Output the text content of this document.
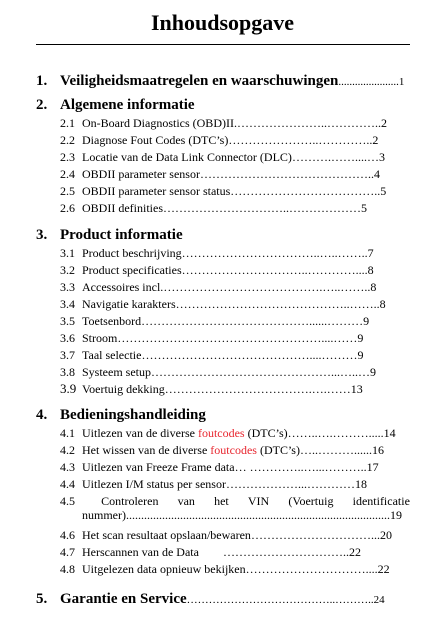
Inhoudsopgave
1. Veiligheidsmaatregelen en waarschuwingen......................1
2. Algemene informatie
2.1 On-Board Diagnostics (OBD)II.…………………..…………..2
2.2 Diagnose Fout Codes (DTC’s)…………………..…………..2
2.3 Locatie van de Data Link Connector (DLC)……….……....…3
2.4 OBDII parameter sensor……………………………………..4
2.5 OBDII parameter sensor status………………………………..5
2.6 OBDII definities…………………………..………………5
3. Product informatie
3.1 Product beschrijving……………………………..…..……..7
3.2 Product specificaties…………………………..…………....8
3.3 Accessoires incl.………………………………….…..……..8
3.4 Navigatie karakters……………………………………..……..8
3.5 Toetsenbord……………………………………......………9
3.6 Stroom……………………………………………....……9
3.7 Taal selectie……………………………………....………9
3.8 Systeem setup………………………………………...…..…9
3.9 Voertuig dekking……………………………….….……13
4. Bedieningshandleiding
4.1 Uitlezen van de diverse foutcodes (DTC’s)……..….……….....14
4.2 Het wissen van de diverse foutcodes (DTC’s)…..………......16
4.3 Uitlezen van Freeze Frame data… …………..…...………..17
4.4 Uitlezen I/M status per sensor………………...…………18
4.5	Controleren van het VIN (Voertuig identificatie
nummer)........................................................................................19
4.6 Het scan resultaat opslaan/bewaren…………………………...20
4.7 Herscannen van de Data        …………………………..22
4.8 Uitgelezen data opnieuw bekijken…………………………....22
5. Garantie en Service…………………………………..………..24
